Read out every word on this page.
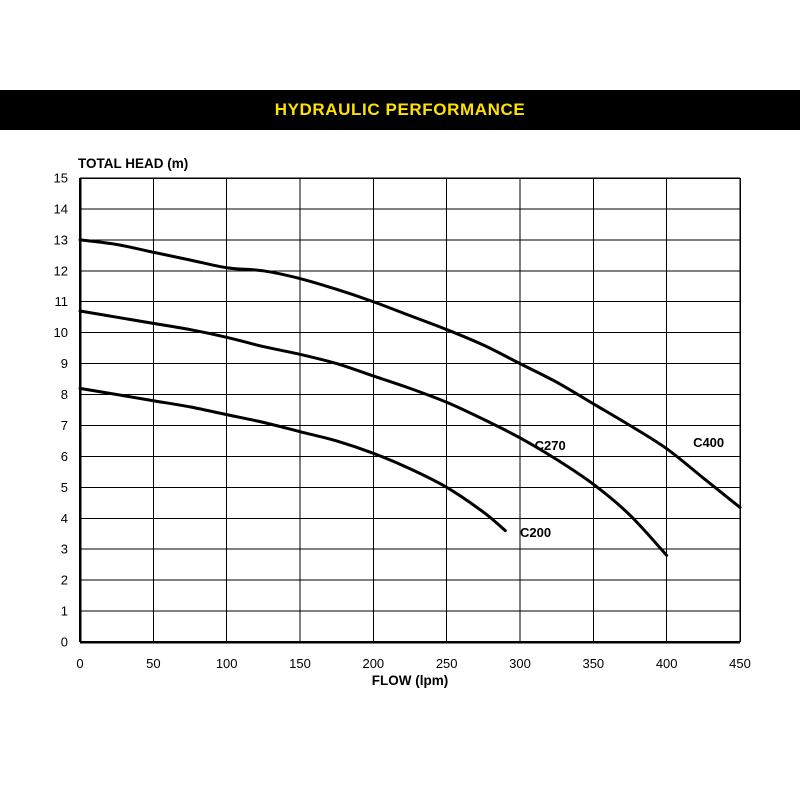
HYDRAULIC PERFORMANCE
0
1
2
3
4
5
6
7
8
9
10
11
12
13
14
15
0	50	100	150	200	250	300	350	400	450
C200
C270	C400
TOTAL HEAD (m)
FLOW (lpm)
